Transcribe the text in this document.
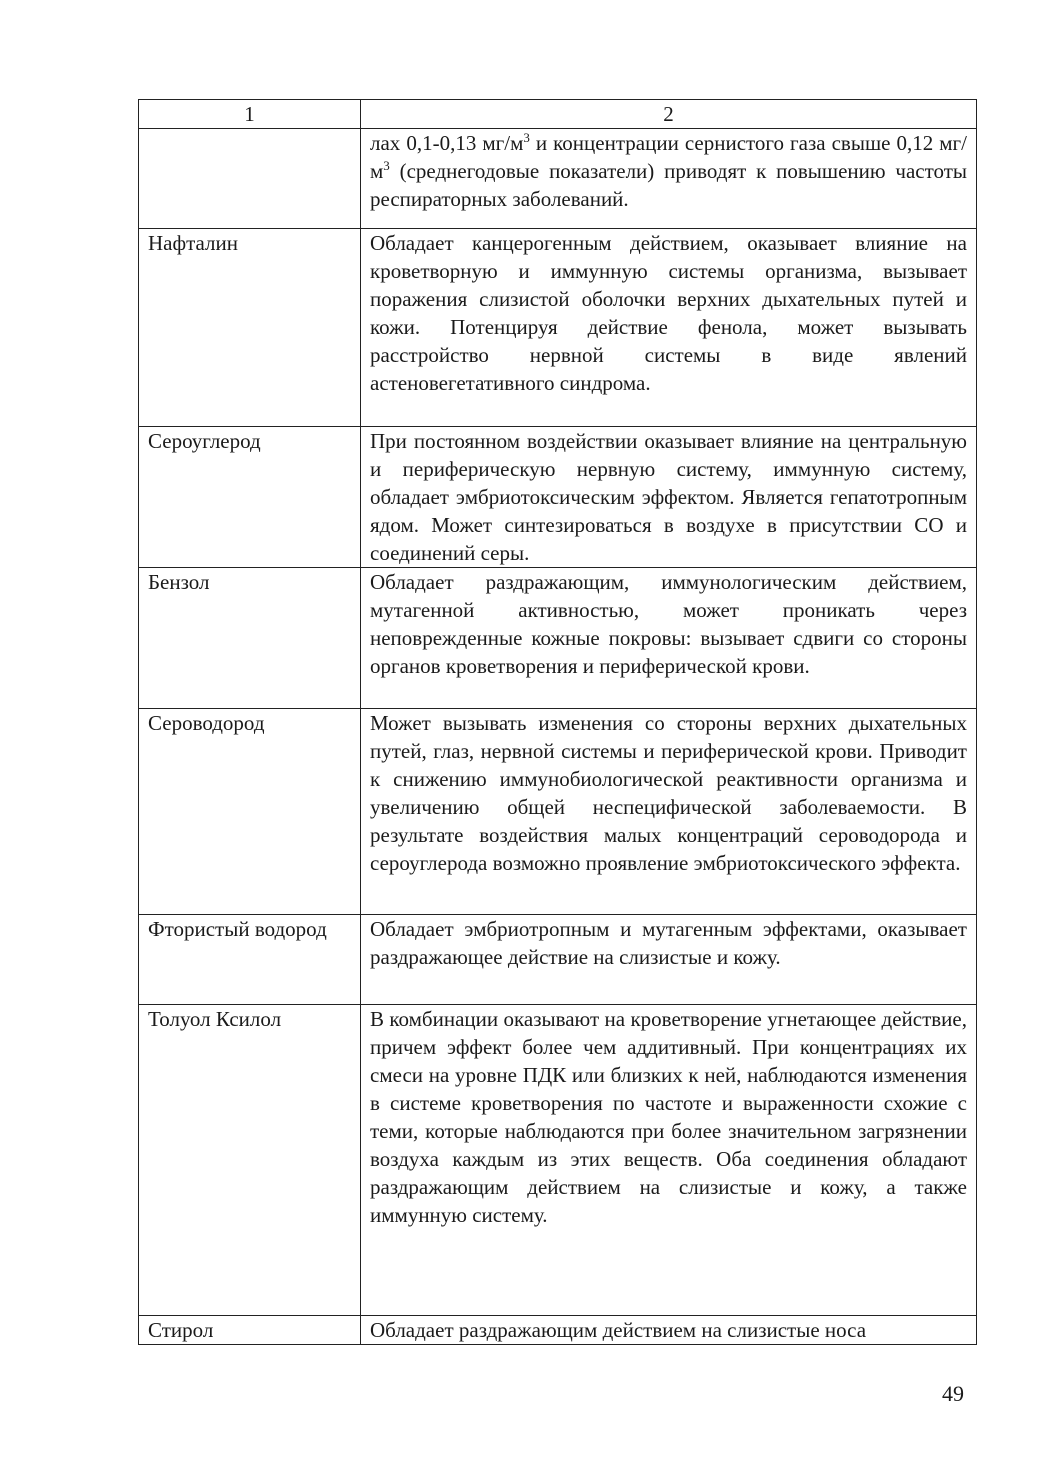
1	2
	лах 0,1-0,13 $мг/м^3$ и концентрации сернистого газа свыше 0,12 $мг/м^3$ (среднегодовые показатели) приводят к повышению частоты респираторных заболеваний.
Нафталин	Обладает канцерогенным действием, оказывает влияние на кроветворную и иммунную системы организма, вызывает поражения слизистой оболочки верхних дыхательных путей и кожи. Потенцируя действие фенола, может вызывать расстройство нервной системы в виде явлений астеновегетативного синдрома.
Сероуглерод	При постоянном воздействии оказывает влияние на центральную и периферическую нервную систему, иммунную систему, обладает эмбриотоксическим эффектом. Является гепатотропным ядом. Может синтезироваться в воздухе в присутствии СО и соединений серы.
Бензол	Обладает раздражающим, иммунологическим действием, мутагенной активностью, может проникать через неповрежденные кожные покровы: вызывает сдвиги со стороны органов кроветворения и периферической крови.
Сероводород	Может вызывать изменения со стороны верхних дыхательных путей, глаз, нервной системы и периферической крови. Приводит к снижению иммунобиологической реактивности организма и увеличению общей неспецифической заболеваемости. В результате воздействия малых концентраций сероводорода и сероуглерода возможно проявление эмбриотоксического эффекта.
Фтористый водород	Обладает эмбриотропным и мутагенным эффектами, оказывает раздражающее действие на слизистые и кожу.
Толуол Ксилол	В комбинации оказывают на кроветворение угнетающее действие, причем эффект более чем аддитивный. При концентрациях их смеси на уровне ПДК или близких к ней, наблюдаются изменения в системе кроветворения по частоте и выраженности схожие с теми, которые наблюдаются при более значительном загрязнении воздуха каждым из этих веществ. Оба соединения обладают раздражающим действием на слизистые и кожу, а также иммунную систему.
Стирол	Обладает раздражающим действием на слизистые носа
49
